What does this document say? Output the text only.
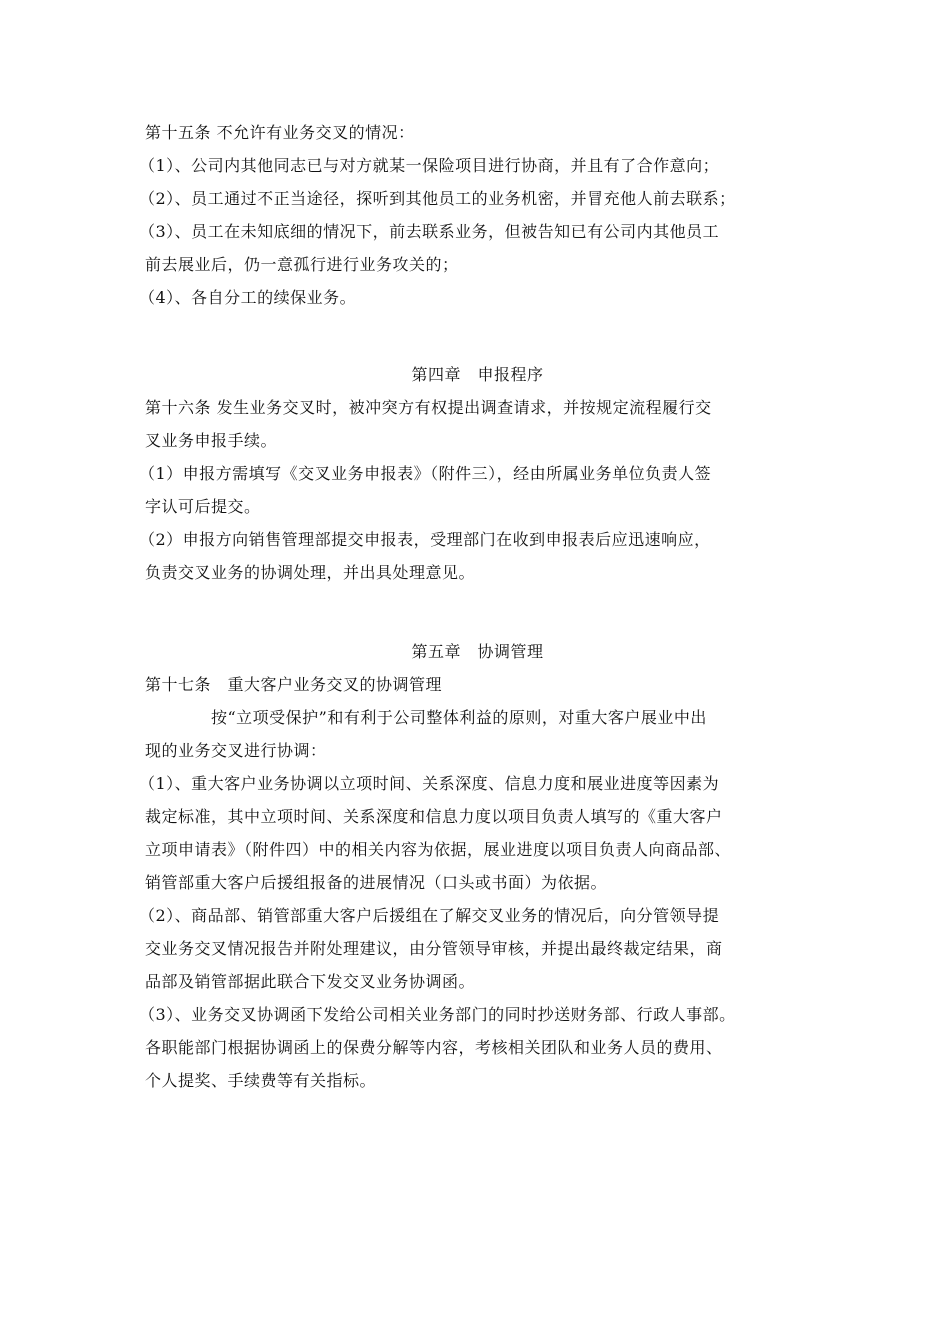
第十五条 不允许有业务交叉的情况：
（1）、公司内其他同志已与对方就某一保险项目进行协商，并且有了合作意向；
（2）、员工通过不正当途径，探听到其他员工的业务机密，并冒充他人前去联系；
（3）、员工在未知底细的情况下，前去联系业务，但被告知已有公司内其他员工
前去展业后，仍一意孤行进行业务攻关的；
（4）、各自分工的续保业务。
第四章　申报程序
第十六条 发生业务交叉时，被冲突方有权提出调查请求，并按规定流程履行交
叉业务申报手续。
（1）申报方需填写《交叉业务申报表》（附件三），经由所属业务单位负责人签
字认可后提交。
（2）申报方向销售管理部提交申报表，受理部门在收到申报表后应迅速响应，
负责交叉业务的协调处理，并出具处理意见。
第五章　协调管理
第十七条　重大客户业务交叉的协调管理
按“立项受保护”和有利于公司整体利益的原则，对重大客户展业中出
现的业务交叉进行协调：
（1）、重大客户业务协调以立项时间、关系深度、信息力度和展业进度等因素为
裁定标准，其中立项时间、关系深度和信息力度以项目负责人填写的《重大客户
立项申请表》（附件四）中的相关内容为依据，展业进度以项目负责人向商品部、
销管部重大客户后援组报备的进展情况（口头或书面）为依据。
（2）、商品部、销管部重大客户后援组在了解交叉业务的情况后，向分管领导提
交业务交叉情况报告并附处理建议，由分管领导审核，并提出最终裁定结果，商
品部及销管部据此联合下发交叉业务协调函。
（3）、业务交叉协调函下发给公司相关业务部门的同时抄送财务部、行政人事部。
各职能部门根据协调函上的保费分解等内容，考核相关团队和业务人员的费用、
个人提奖、手续费等有关指标。
